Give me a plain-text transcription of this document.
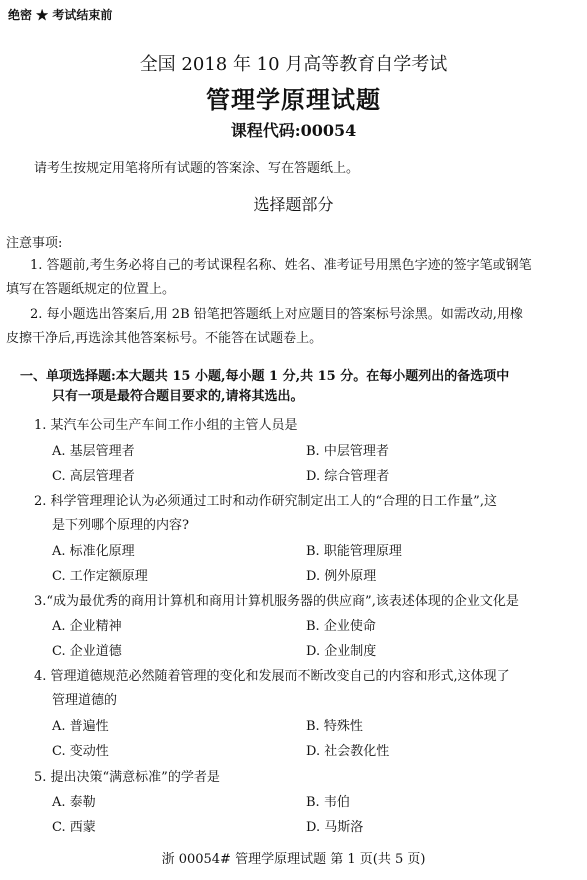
绝密 ★ 考试结束前
全国 2018 年 10 月高等教育自学考试
管理学原理试题
课程代码:00054
请考生按规定用笔将所有试题的答案涂、写在答题纸上。
选择题部分
注意事项:
1. 答题前,考生务必将自己的考试课程名称、姓名、准考证号用黑色字迹的签字笔或钢笔
填写在答题纸规定的位置上。
2. 每小题选出答案后,用 2B 铅笔把答题纸上对应题目的答案标号涂黑。如需改动,用橡
皮擦干净后,再选涂其他答案标号。不能答在试题卷上。
一、单项选择题:本大题共 15 小题,每小题 1 分,共 15 分。在每小题列出的备选项中
只有一项是最符合题目要求的,请将其选出。
1. 某汽车公司生产车间工作小组的主管人员是
A. 基层管理者	B. 中层管理者
C. 高层管理者	D. 综合管理者
2. 科学管理理论认为必须通过工时和动作研究制定出工人的“合理的日工作量”,这
是下列哪个原理的内容?
A. 标准化原理	B. 职能管理原理
C. 工作定额原理	D. 例外原理
3.“成为最优秀的商用计算机和商用计算机服务器的供应商”,该表述体现的企业文化是
A. 企业精神	B. 企业使命
C. 企业道德	D. 企业制度
4. 管理道德规范必然随着管理的变化和发展而不断改变自己的内容和形式,这体现了
管理道德的
A. 普遍性	B. 特殊性
C. 变动性	D. 社会教化性
5. 提出决策“满意标准”的学者是
A. 泰勒	B. 韦伯
C. 西蒙	D. 马斯洛
浙 00054# 管理学原理试题 第 1 页(共 5 页)
